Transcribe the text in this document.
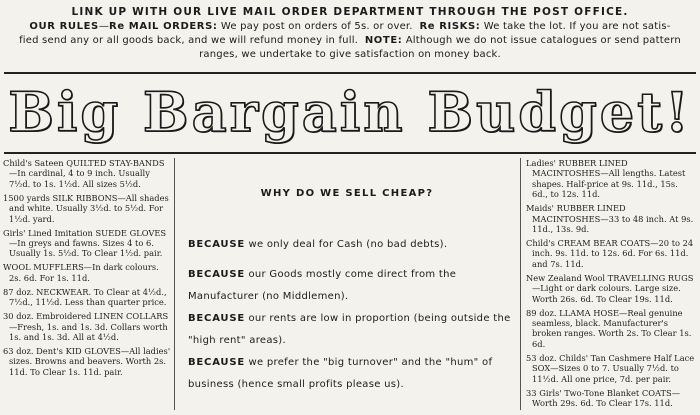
LINK UP WITH OUR LIVE MAIL ORDER DEPARTMENT THROUGH THE POST OFFICE.
OUR RULES—Re MAIL ORDERS: We pay post on orders of 5s. or over. Re RISKS: We take the lot. If you are not satis-
fied send any or all goods back, and we will refund money in full. NOTE: Although we do not issue catalogues or send pattern
ranges, we undertake to give satisfaction on money back.
Big Bargain Budget!

Child's Sateen QUILTED STAY-BANDS—In cardinal, 4 to 9 inch. Usually 7½d. to 1s. 1½d. All sizes 5½d.

1500 yards SILK RIBBONS—All shades and white. Usually 3½d. to 5½d. For 1½d. yard.

Girls' Lined Imitation SUEDE GLOVES—In greys and fawns. Sizes 4 to 6. Usually 1s. 5½d. To Clear 1½d. pair.

WOOL MUFFLERS—In dark colours. 2s. 6d. For 1s. 11d.

87 doz. NECKWEAR. To Clear at 4½d., 7½d., 11½d. Less than quarter price.

30 doz. Embroidered LINEN COLLARS—Fresh, 1s. and 1s. 3d. Collars worth 1s. and 1s. 3d. All at 4½d.

63 doz. Dent's KID GLOVES—All ladies' sizes. Browns and beavers. Worth 2s. 11d. To Clear 1s. 11d. pair.

WHY DO WE SELL CHEAP?
BECAUSE we only deal for Cash (no bad debts).
BECAUSE our Goods mostly come direct from the Manufacturer (no Middlemen).
BECAUSE our rents are low in proportion (being outside the "high rent" areas).
BECAUSE we prefer the "big turnover" and the "hum" of business (hence small profits please us).

Ladies' RUBBER LINED MACINTOSHES—All lengths. Latest shapes. Half-price at 9s. 11d., 15s. 6d., to 12s. 11d.

Maids' RUBBER LINED MACINTOSHES—33 to 48 inch. At 9s. 11d., 13s. 9d.

Child's CREAM BEAR COATS—20 to 24 inch. 9s. 11d. to 12s. 6d. For 6s. 11d. and 7s. 11d.

New Zealand Wool TRAVELLING RUGS—Light or dark colours. Large size. Worth 26s. 6d. To Clear 19s. 11d.

89 doz. LLAMA HOSE—Real genuine seamless, black. Manufacturer's broken ranges. Worth 2s. To Clear 1s. 6d.

53 doz. Childs' Tan Cashmere Half Lace SOX—Sizes 0 to 7. Usually 7½d. to 11½d. All one price, 7d. per pair.

33 Girls' Two-Tone Blanket COATS—Worth 29s. 6d. To Clear 17s. 11d.
